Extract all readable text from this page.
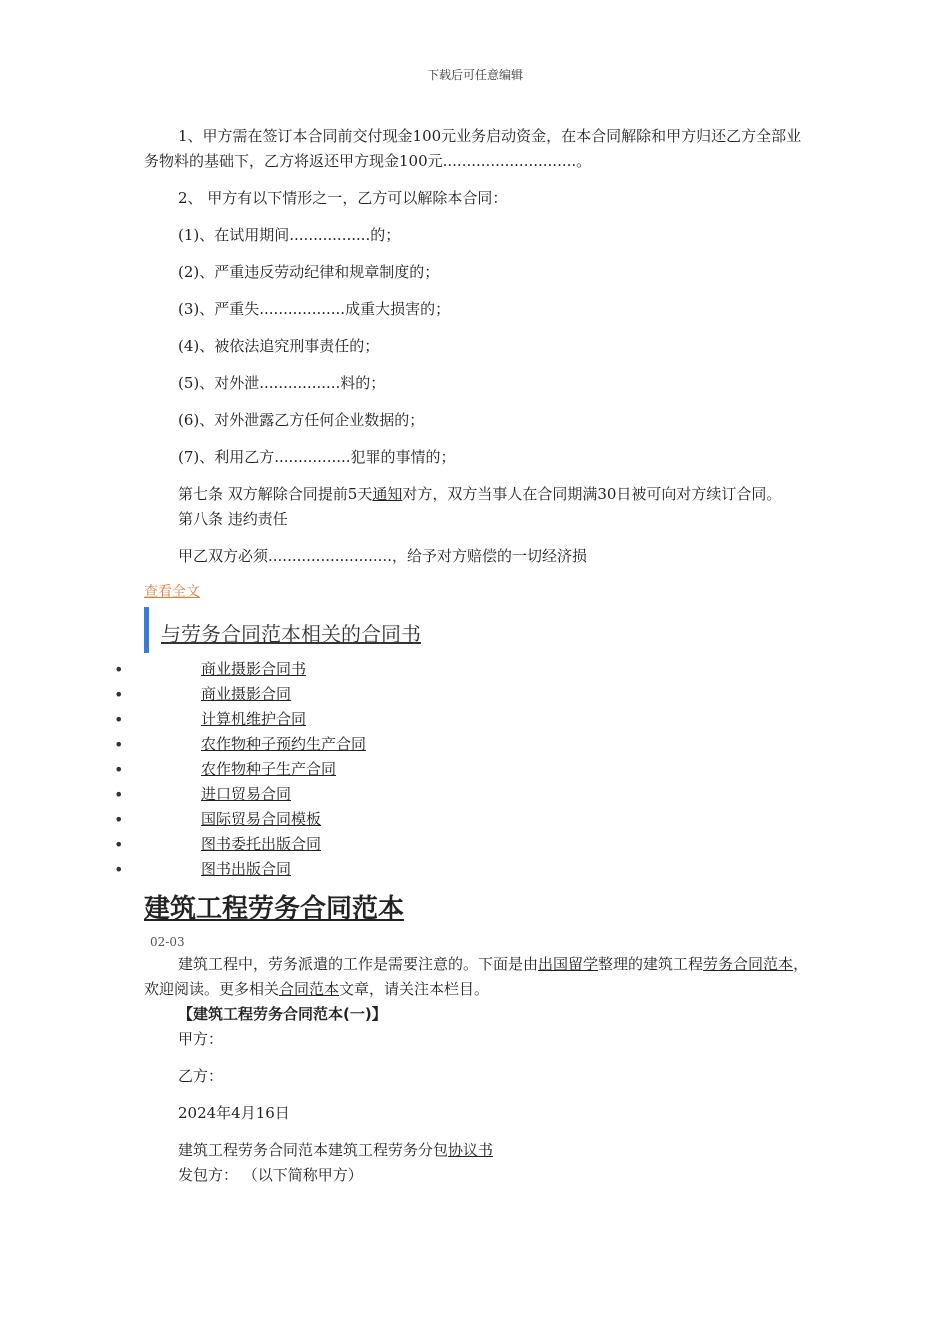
下载后可任意编辑

1、甲方需在签订本合同前交付现金100元业务启动资金，在本合同解除和甲方归还乙方全部业务物料的基础下，乙方将返还甲方现金100元............................。

2、 甲方有以下情形之一，乙方可以解除本合同：

(1)、在试用期间.................的；

(2)、严重违反劳动纪律和规章制度的；

(3)、严重失..................成重大损害的；

(4)、被依法追究刑事责任的；

(5)、对外泄.................料的；

(6)、对外泄露乙方任何企业数据的；

(7)、利用乙方................犯罪的事情的；

第七条 双方解除合同提前5天通知对方，双方当事人在合同期满30日被可向对方续订合同。

第八条 违约责任

甲乙双方必须..........................，给予对方赔偿的一切经济损

查看全文
与劳务合同范本相关的合同书
•	商业摄影合同书
•	商业摄影合同
•	计算机维护合同
•	农作物种子预约生产合同
•	农作物种子生产合同
•	进口贸易合同
•	国际贸易合同模板
•	图书委托出版合同
•	图书出版合同
建筑工程劳务合同范本
02-03

建筑工程中，劳务派遣的工作是需要注意的。下面是由出国留学整理的建筑工程劳务合同范本，欢迎阅读。更多相关合同范本文章，请关注本栏目。

【建筑工程劳务合同范本(一)】

甲方：

乙方：

2024年4月16日

建筑工程劳务合同范本建筑工程劳务分包协议书

发包方： （以下简称甲方）
